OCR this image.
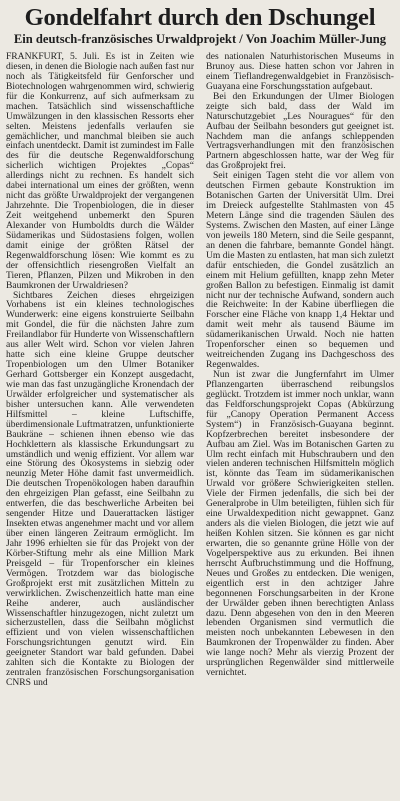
Gondelfahrt durch den Dschungel
Ein deutsch-französisches Urwaldprojekt / Von Joachim Müller-Jung

FRANKFURT, 5. Juli. Es ist in Zeiten wie diesen, in denen die Biologie nach außen fast nur noch als Tätigkeitsfeld für Genforscher und Biotechnologen wahrgenommen wird, schwierig für die Konkurrenz, auf sich aufmerksam zu machen. Tatsächlich sind wissenschaftliche Umwälzungen in den klassischen Ressorts eher selten. Meistens jedenfalls verlaufen sie gemächlicher, und manchmal bleiben sie auch einfach unentdeckt. Damit ist zumindest im Falle des für die deutsche Regenwaldforschung sicherlich wichtigen Projektes „Copas“ allerdings nicht zu rechnen. Es handelt sich dabei international um eines der größten, wenn nicht das größte Urwaldprojekt der vergangenen Jahrzehnte. Die Tropenbiologen, die in dieser Zeit weitgehend unbemerkt den Spuren Alexander von Humboldts durch die Wälder Südamerikas und Südostasiens folgen, wollen damit einige der größten Rätsel der Regenwaldforschung lösen: Wie kommt es zu der offensichtlich riesengroßen Vielfalt an Tieren, Pflanzen, Pilzen und Mikroben in den Baumkronen der Urwaldriesen?

Sichtbares Zeichen dieses ehrgeizigen Vorhabens ist ein kleines technologisches Wunderwerk: eine eigens konstruierte Seilbahn mit Gondel, die für die nächsten Jahre zum Freilandlabor für Hunderte von Wissenschaftlern aus aller Welt wird. Schon vor vielen Jahren hatte sich eine kleine Gruppe deutscher Tropenbiologen um den Ulmer Botaniker Gerhard Gottsberger ein Konzept ausgedacht, wie man das fast unzugängliche Kronendach der Urwälder erfolgreicher und systematischer als bisher untersuchen kann. Alle verwendeten Hilfsmittel – kleine Luftschiffe, überdimensionale Luftmatratzen, unfunktionierte Baukräne – schienen ihnen ebenso wie das Hochklettern als klassische Erkundungsart zu umständlich und wenig effizient. Vor allem war eine Störung des Ökosystems in siebzig oder neunzig Meter Höhe damit fast unvermeidlich. Die deutschen Tropenökologen haben daraufhin den ehrgeizigen Plan gefasst, eine Seilbahn zu entwerfen, die das beschwerliche Arbeiten bei sengender Hitze und Dauerattacken lästiger Insekten etwas angenehmer macht und vor allem über einen längeren Zeitraum ermöglicht. Im Jahr 1996 erhielten sie für das Projekt von der Körber-Stiftung mehr als eine Million Mark Preisgeld – für Tropenforscher ein kleines Vermögen. Trotzdem war das biologische Großprojekt erst mit zusätzlichen Mitteln zu verwirklichen. Zwischenzeitlich hatte man eine Reihe anderer, auch ausländischer Wissenschaftler hinzugezogen, nicht zuletzt um sicherzustellen, dass die Seilbahn möglichst effizient und von vielen wissenschaftlichen Forschungsrichtungen genutzt wird. Ein geeigneter Standort war bald gefunden. Dabei zahlten sich die Kontakte zu Biologen der zentralen französischen Forschungsorganisation CNRS und

des nationalen Naturhistorischen Museums in Brunoy aus. Diese hatten schon vor Jahren in einem Tieflandregenwaldgebiet in Französisch-Guayana eine Forschungsstation aufgebaut.

Bei den Erkundungen der Ulmer Biologen zeigte sich bald, dass der Wald im Naturschutzgebiet „Les Nouragues“ für den Aufbau der Seilbahn besonders gut geeignet ist. Nachdem man die anfangs schleppenden Vertragsverhandlungen mit den französischen Partnern abgeschlossen hatte, war der Weg für das Großprojekt frei.

Seit einigen Tagen steht die vor allem von deutschen Firmen gebaute Konstruktion im Botanischen Garten der Universität Ulm. Drei im Dreieck aufgestellte Stahlmasten von 45 Metern Länge sind die tragenden Säulen des Systems. Zwischen den Masten, auf einer Länge von jeweils 180 Metern, sind die Seile gespannt, an denen die fahrbare, bemannte Gondel hängt. Um die Masten zu entlasten, hat man sich zuletzt dafür entschieden, die Gondel zusätzlich an einem mit Helium gefüllten, knapp zehn Meter großen Ballon zu befestigen. Einmalig ist damit nicht nur der technische Aufwand, sondern auch die Reichweite: In der Kabine überfliegen die Forscher eine Fläche von knapp 1,4 Hektar und damit weit mehr als tausend Bäume im südamerikanischen Urwald. Noch nie hatten Tropenforscher einen so bequemen und weitreichenden Zugang ins Dachgeschoss des Regenwaldes.

Nun ist zwar die Jungfernfahrt im Ulmer Pflanzengarten überraschend reibungslos geglückt. Trotzdem ist immer noch unklar, wann das Feldforschungsprojekt Copas (Abkürzung für „Canopy Operation Permanent Access System“) in Französisch-Guayana beginnt. Kopfzerbrechen bereitet insbesondere der Aufbau am Ziel. Was im Botanischen Garten zu Ulm recht einfach mit Hubschraubern und den vielen anderen technischen Hilfsmitteln möglich ist, könnte das Team im südamerikanischen Urwald vor größere Schwierigkeiten stellen. Viele der Firmen jedenfalls, die sich bei der Generalprobe in Ulm beteiligten, fühlen sich für eine Urwaldexpedition nicht gewappnet. Ganz anders als die vielen Biologen, die jetzt wie auf heißen Kohlen sitzen. Sie können es gar nicht erwarten, die so genannte grüne Hölle von der Vogelperspektive aus zu erkunden. Bei ihnen herrscht Aufbruchstimmung und die Hoffnung, Neues und Großes zu entdecken. Die wenigen, eigentlich erst in den achtziger Jahre begonnenen Forschungsarbeiten in der Krone der Urwälder geben ihnen berechtigten Anlass dazu. Denn abgesehen von den in den Meeren lebenden Organismen sind vermutlich die meisten noch unbekannten Lebewesen in den Baumkronen der Tropenwälder zu finden. Aber wie lange noch? Mehr als vierzig Prozent der ursprünglichen Regenwälder sind mittlerweile vernichtet.
